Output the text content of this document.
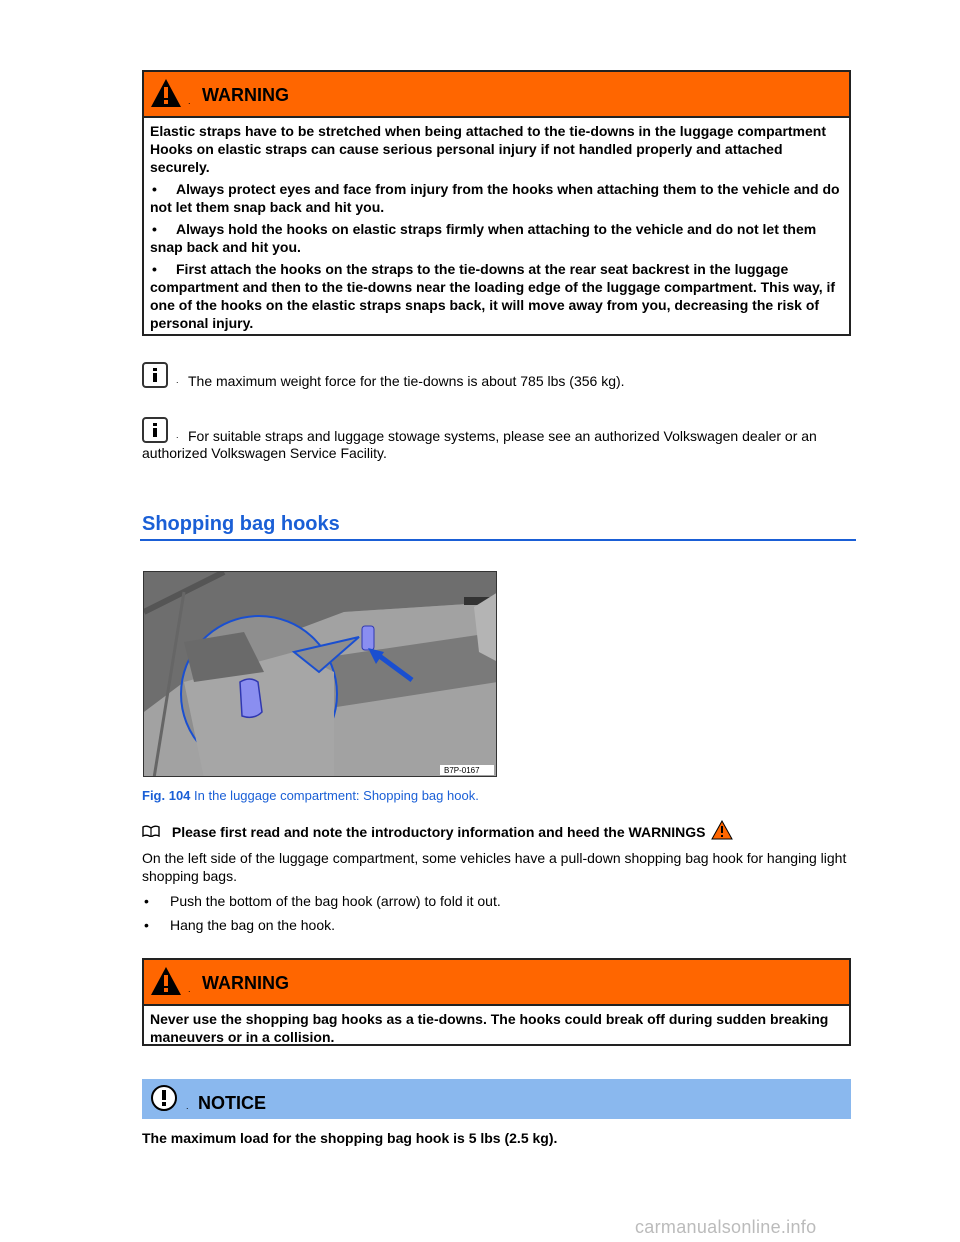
. WARNING

Elastic straps have to be stretched when being attached to the tie-downs in the luggage compartment Hooks on elastic straps can cause serious personal injury if not handled properly and attached securely.

• Always protect eyes and face from injury from the hooks when attaching them to the vehicle and do not let them snap back and hit you.

• Always hold the hooks on elastic straps firmly when attaching to the vehicle and do not let them snap back and hit you.

• First attach the hooks on the straps to the tie-downs at the rear seat backrest in the luggage compartment and then to the tie-downs near the loading edge of the luggage compartment. This way, if one of the hooks on the elastic straps snaps back, it will move away from you, decreasing the risk of personal injury.

. The maximum weight force for the tie-downs is about 785 lbs (356 kg).
. For suitable straps and luggage stowage systems, please see an authorized Volkswagen dealer or an authorized Volkswagen Service Facility.
Shopping bag hooks
B7P-0167
Fig. 104 In the luggage compartment: Shopping bag hook.
Please first read and note the introductory information and heed the WARNINGS
On the left side of the luggage compartment, some vehicles have a pull-down shopping bag hook for hanging light shopping bags.
• Push the bottom of the bag hook (arrow) to fold it out.
• Hang the bag on the hook.
. WARNING

Never use the shopping bag hooks as a tie-downs. The hooks could break off during sudden breaking maneuvers or in a collision.

. NOTICE
The maximum load for the shopping bag hook is 5 lbs (2.5 kg).
carmanualsonline.info
